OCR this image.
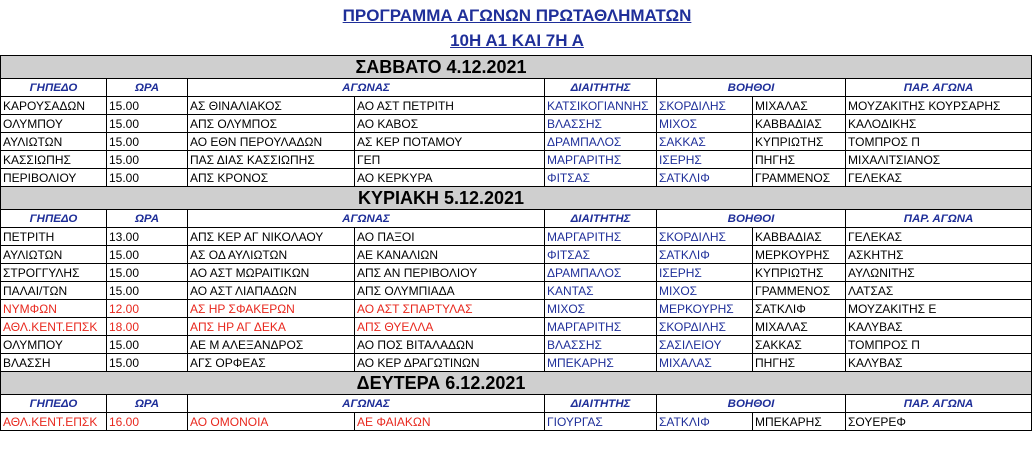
ΠΡΟΓΡΑΜΜΑ ΑΓΩΝΩΝ ΠΡΩΤΑΘΛΗΜΑΤΩΝ
10Η Α1 ΚΑΙ 7Η Α
ΣΑΒΒΑΤΟ 4.12.2021							
ΓΗΠΕΔΟ	ΩΡΑ	ΑΓΩΝΑΣ		ΔΙΑΙΤΗΤΗΣ	ΒΟΗΘΟΙ		ΠΑΡ. ΑΓΩΝΑ
ΚΑΡΟΥΣΑΔΩΝ	15.00	ΑΣ ΘΙΝΑΛΙΑΚΟΣ	ΑΟ ΑΣΤ ΠΕΤΡΙΤΗ	ΚΑΤΣΙΚΟΓΙΑΝΝΗΣ	ΣΚΟΡΔΙΛΗΣ	ΜΙΧΑΛΑΣ	ΜΟΥΖΑΚΙΤΗΣ ΚΟΥΡΣΑΡΗΣ
ΟΛΥΜΠΟΥ	15.00	ΑΠΣ ΟΛΥΜΠΟΣ	ΑΟ ΚΑΒΟΣ	ΒΛΑΣΣΗΣ	ΜΙΧΟΣ	ΚΑΒΒΑΔΙΑΣ	ΚΑΛΟΔΙΚΗΣ
ΑΥΛΙΩΤΩΝ	15.00	ΑΟ ΕΘΝ ΠΕΡΟΥΛΑΔΩΝ	ΑΣ ΚΕΡ ΠΟΤΑΜΟΥ	ΔΡΑΜΠΑΛΟΣ	ΣΑΚΚΑΣ	ΚΥΠΡΙΩΤΗΣ	ΤΟΜΠΡΟΣ Π
ΚΑΣΣΙΩΠΗΣ	15.00	ΠΑΣ ΔΙΑΣ ΚΑΣΣΙΩΠΗΣ	ΓΕΠ	ΜΑΡΓΑΡΙΤΗΣ	ΙΣΕΡΗΣ	ΠΗΓΗΣ	ΜΙΧΑΛΙΤΣΙΑΝΟΣ
ΠΕΡΙΒΟΛΙΟΥ	15.00	ΑΠΣ ΚΡΟΝΟΣ	ΑΟ ΚΕΡΚΥΡΑ	ΦΙΤΣΑΣ	ΣΑΤΚΛΙΦ	ΓΡΑΜΜΕΝΟΣ	ΓΕΛΕΚΑΣ
ΚΥΡΙΑΚΗ 5.12.2021							
ΓΗΠΕΔΟ	ΩΡΑ	ΑΓΩΝΑΣ		ΔΙΑΙΤΗΤΗΣ	ΒΟΗΘΟΙ		ΠΑΡ. ΑΓΩΝΑ
ΠΕΤΡΙΤΗ	13.00	ΑΠΣ ΚΕΡ ΑΓ ΝΙΚΟΛΑΟΥ	ΑΟ ΠΑΞΟΙ	ΜΑΡΓΑΡΙΤΗΣ	ΣΚΟΡΔΙΛΗΣ	ΚΑΒΒΑΔΙΑΣ	ΓΕΛΕΚΑΣ
ΑΥΛΙΩΤΩΝ	15.00	ΑΣ ΟΔ ΑΥΛΙΩΤΩΝ	ΑΕ ΚΑΝΑΛΙΩΝ	ΦΙΤΣΑΣ	ΣΑΤΚΛΙΦ	ΜΕΡΚΟΥΡΗΣ	ΑΣΚΗΤΗΣ
ΣΤΡΟΓΓΥΛΗΣ	15.00	ΑΟ ΑΣΤ ΜΩΡΑΙΤΙΚΩΝ	ΑΠΣ ΑΝ ΠΕΡΙΒΟΛΙΟΥ	ΔΡΑΜΠΑΛΟΣ	ΙΣΕΡΗΣ	ΚΥΠΡΙΩΤΗΣ	ΑΥΛΩΝΙΤΗΣ
ΠΑΛΑΙ/ΤΩΝ	15.00	ΑΟ ΑΣΤ ΛΙΑΠΑΔΩΝ	ΑΠΣ ΟΛΥΜΠΙΑΔΑ	ΚΑΝΤΑΣ	ΜΙΧΟΣ	ΓΡΑΜΜΕΝΟΣ	ΛΑΤΣΑΣ
ΝΥΜΦΩΝ	12.00	ΑΣ ΗΡ ΣΦΑΚΕΡΩΝ	ΑΟ ΑΣΤ ΣΠΑΡΤΥΛΑΣ	ΜΙΧΟΣ	ΜΕΡΚΟΥΡΗΣ	ΣΑΤΚΛΙΦ	ΜΟΥΖΑΚΙΤΗΣ Ε
ΑΘΛ.ΚΕΝΤ.ΕΠΣΚ	18.00	ΑΠΣ ΗΡ ΑΓ ΔΕΚΑ	ΑΠΣ ΘΥΕΛΛΑ	ΜΑΡΓΑΡΙΤΗΣ	ΣΚΟΡΔΙΛΗΣ	ΜΙΧΑΛΑΣ	ΚΑΛΥΒΑΣ
ΟΛΥΜΠΟΥ	15.00	ΑΕ Μ ΑΛΕΞΑΝΔΡΟΣ	ΑΟ ΠΟΣ ΒΙΤΑΛΑΔΩΝ	ΒΛΑΣΣΗΣ	ΣΑΣΙΛΕΙΟΥ	ΣΑΚΚΑΣ	ΤΟΜΠΡΟΣ Π
ΒΛΑΣΣΗ	15.00	ΑΓΣ ΟΡΦΕΑΣ	ΑΟ ΚΕΡ ΔΡΑΓΩΤΙΝΩΝ	ΜΠΕΚΑΡΗΣ	ΜΙΧΑΛΑΣ	ΠΗΓΗΣ	ΚΑΛΥΒΑΣ
ΔΕΥΤΕΡΑ 6.12.2021							
ΓΗΠΕΔΟ	ΩΡΑ	ΑΓΩΝΑΣ		ΔΙΑΙΤΗΤΗΣ	ΒΟΗΘΟΙ		ΠΑΡ. ΑΓΩΝΑ
ΑΘΛ.ΚΕΝΤ.ΕΠΣΚ	16.00	ΑΟ ΟΜΟΝΟΙΑ	ΑΕ ΦΑΙΑΚΩΝ	ΓΙΟΥΡΓΑΣ	ΣΑΤΚΛΙΦ	ΜΠΕΚΑΡΗΣ	ΣΟΥΕΡΕΦ
